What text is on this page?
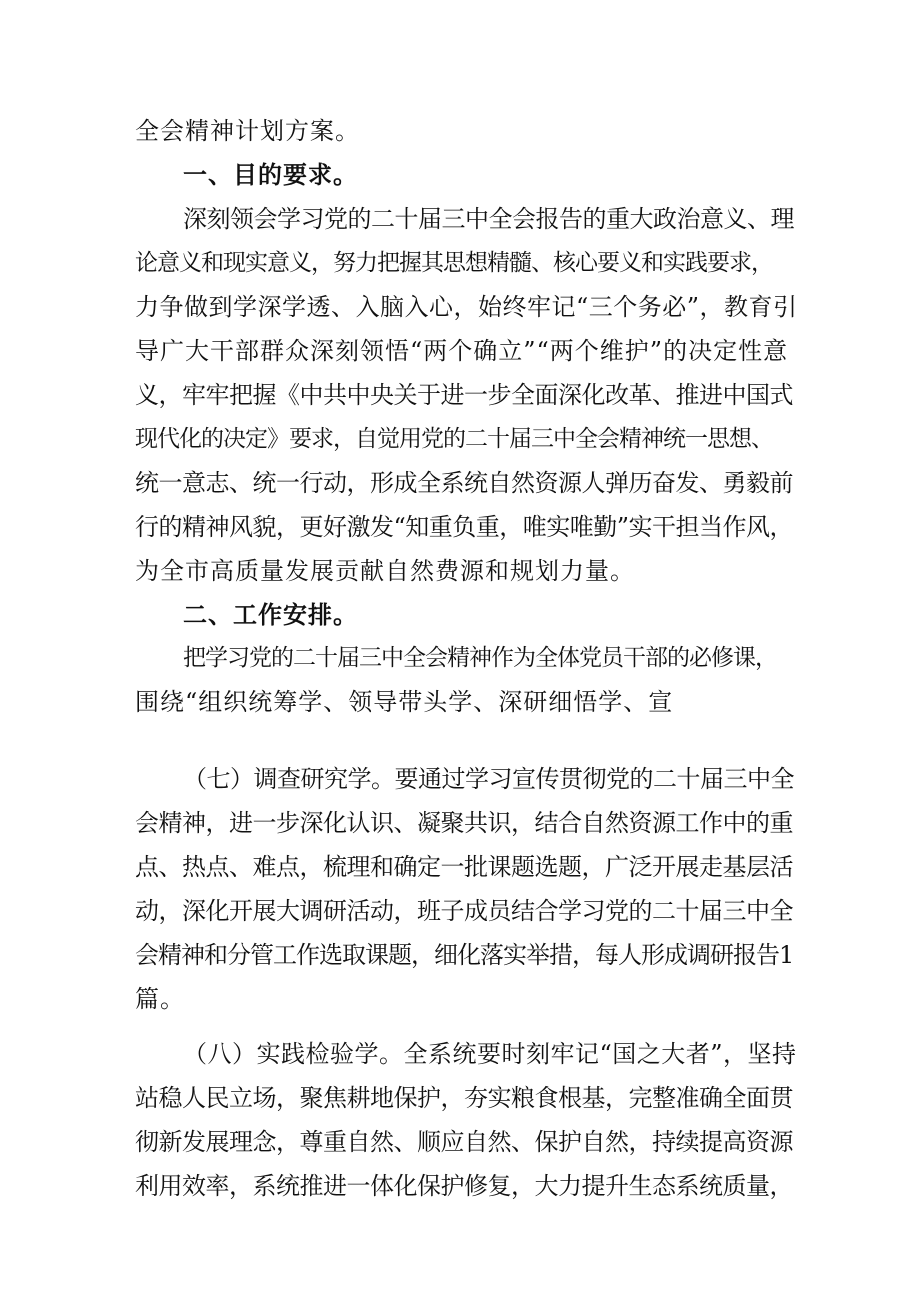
全会精神计划方案。
一、目的要求。
深刻领会学习党的二十届三中全会报告的重大政治意义、理
论意义和现实意义，努力把握其思想精髓、核心要义和实践要求，
力争做到学深学透、入脑入心，始终牢记“三个务必”，教育引
导广大干部群众深刻领悟“两个确立”“两个维护”的决定性意
义，牢牢把握《中共中央关于进一步全面深化改革、推进中国式
现代化的决定》要求，自觉用党的二十届三中全会精神统一思想、
统一意志、统一行动，形成全系统自然资源人弹历奋发、勇毅前
行的精神风貌，更好激发“知重负重，唯实唯勤”实干担当作风，
为全市高质量发展贡献自然费源和规划力量。
二、工作安排。
把学习党的二十届三中全会精神作为全体党员干部的必修课，
围绕“组织统筹学、领导带头学、深研细悟学、宣
（七）调查研究学。要通过学习宣传贯彻党的二十届三中全
会精神，进一步深化认识、凝聚共识，结合自然资源工作中的重
点、热点、难点，梳理和确定一批课题选题，广泛开展走基层活
动，深化开展大调研活动，班子成员结合学习党的二十届三中全
会精神和分管工作选取课题，细化落实举措，每人形成调研报告1
篇。
（八）实践检验学。全系统要时刻牢记“国之大者”，坚持
站稳人民立场，聚焦耕地保护，夯实粮食根基，完整准确全面贯
彻新发展理念，尊重自然、顺应自然、保护自然，持续提高资源
利用效率，系统推进一体化保护修复，大力提升生态系统质量，
